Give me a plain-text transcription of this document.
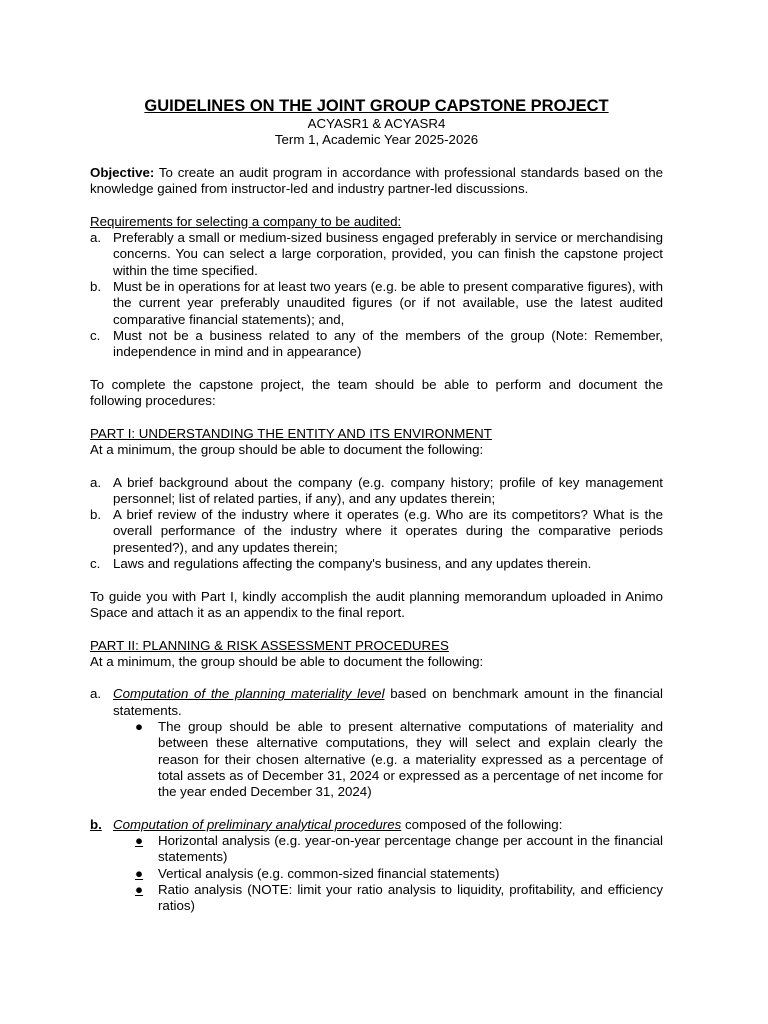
GUIDELINES ON THE JOINT GROUP CAPSTONE PROJECT

ACYASR1 & ACYASR4

Term 1, Academic Year 2025-2026

Objective: To create an audit program in accordance with professional standards based on the knowledge gained from instructor-led and industry partner-led discussions.

Requirements for selecting a company to be audited:

a. Preferably a small or medium-sized business engaged preferably in service or merchandising concerns. You can select a large corporation, provided, you can finish the capstone project within the time specified.
b. Must be in operations for at least two years (e.g. be able to present comparative figures), with the current year preferably unaudited figures (or if not available, use the latest audited comparative financial statements); and,
c. Must not be a business related to any of the members of the group (Note: Remember, independence in mind and in appearance)

To complete the capstone project, the team should be able to perform and document the following procedures:

PART I: UNDERSTANDING THE ENTITY AND ITS ENVIRONMENT

At a minimum, the group should be able to document the following:

a. A brief background about the company (e.g. company history; profile of key management personnel; list of related parties, if any), and any updates therein;
b. A brief review of the industry where it operates (e.g. Who are its competitors? What is the overall performance of the industry where it operates during the comparative periods presented?), and any updates therein;
c. Laws and regulations affecting the company's business, and any updates therein.

To guide you with Part I, kindly accomplish the audit planning memorandum uploaded in Animo Space and attach it as an appendix to the final report.

PART II: PLANNING & RISK ASSESSMENT PROCEDURES

At a minimum, the group should be able to document the following:

a. Computation of the planning materiality level based on benchmark amount in the financial statements.
● The group should be able to present alternative computations of materiality and between these alternative computations, they will select and explain clearly the reason for their chosen alternative (e.g. a materiality expressed as a percentage of total assets as of December 31, 2024 or expressed as a percentage of net income for the year ended December 31, 2024)
b. Computation of preliminary analytical procedures composed of the following:
●	Horizontal analysis (e.g. year-on-year percentage change per account in the financial statements)
●	Vertical analysis (e.g. common-sized financial statements)
●	Ratio analysis (NOTE: limit your ratio analysis to liquidity, profitability, and efficiency ratios)
